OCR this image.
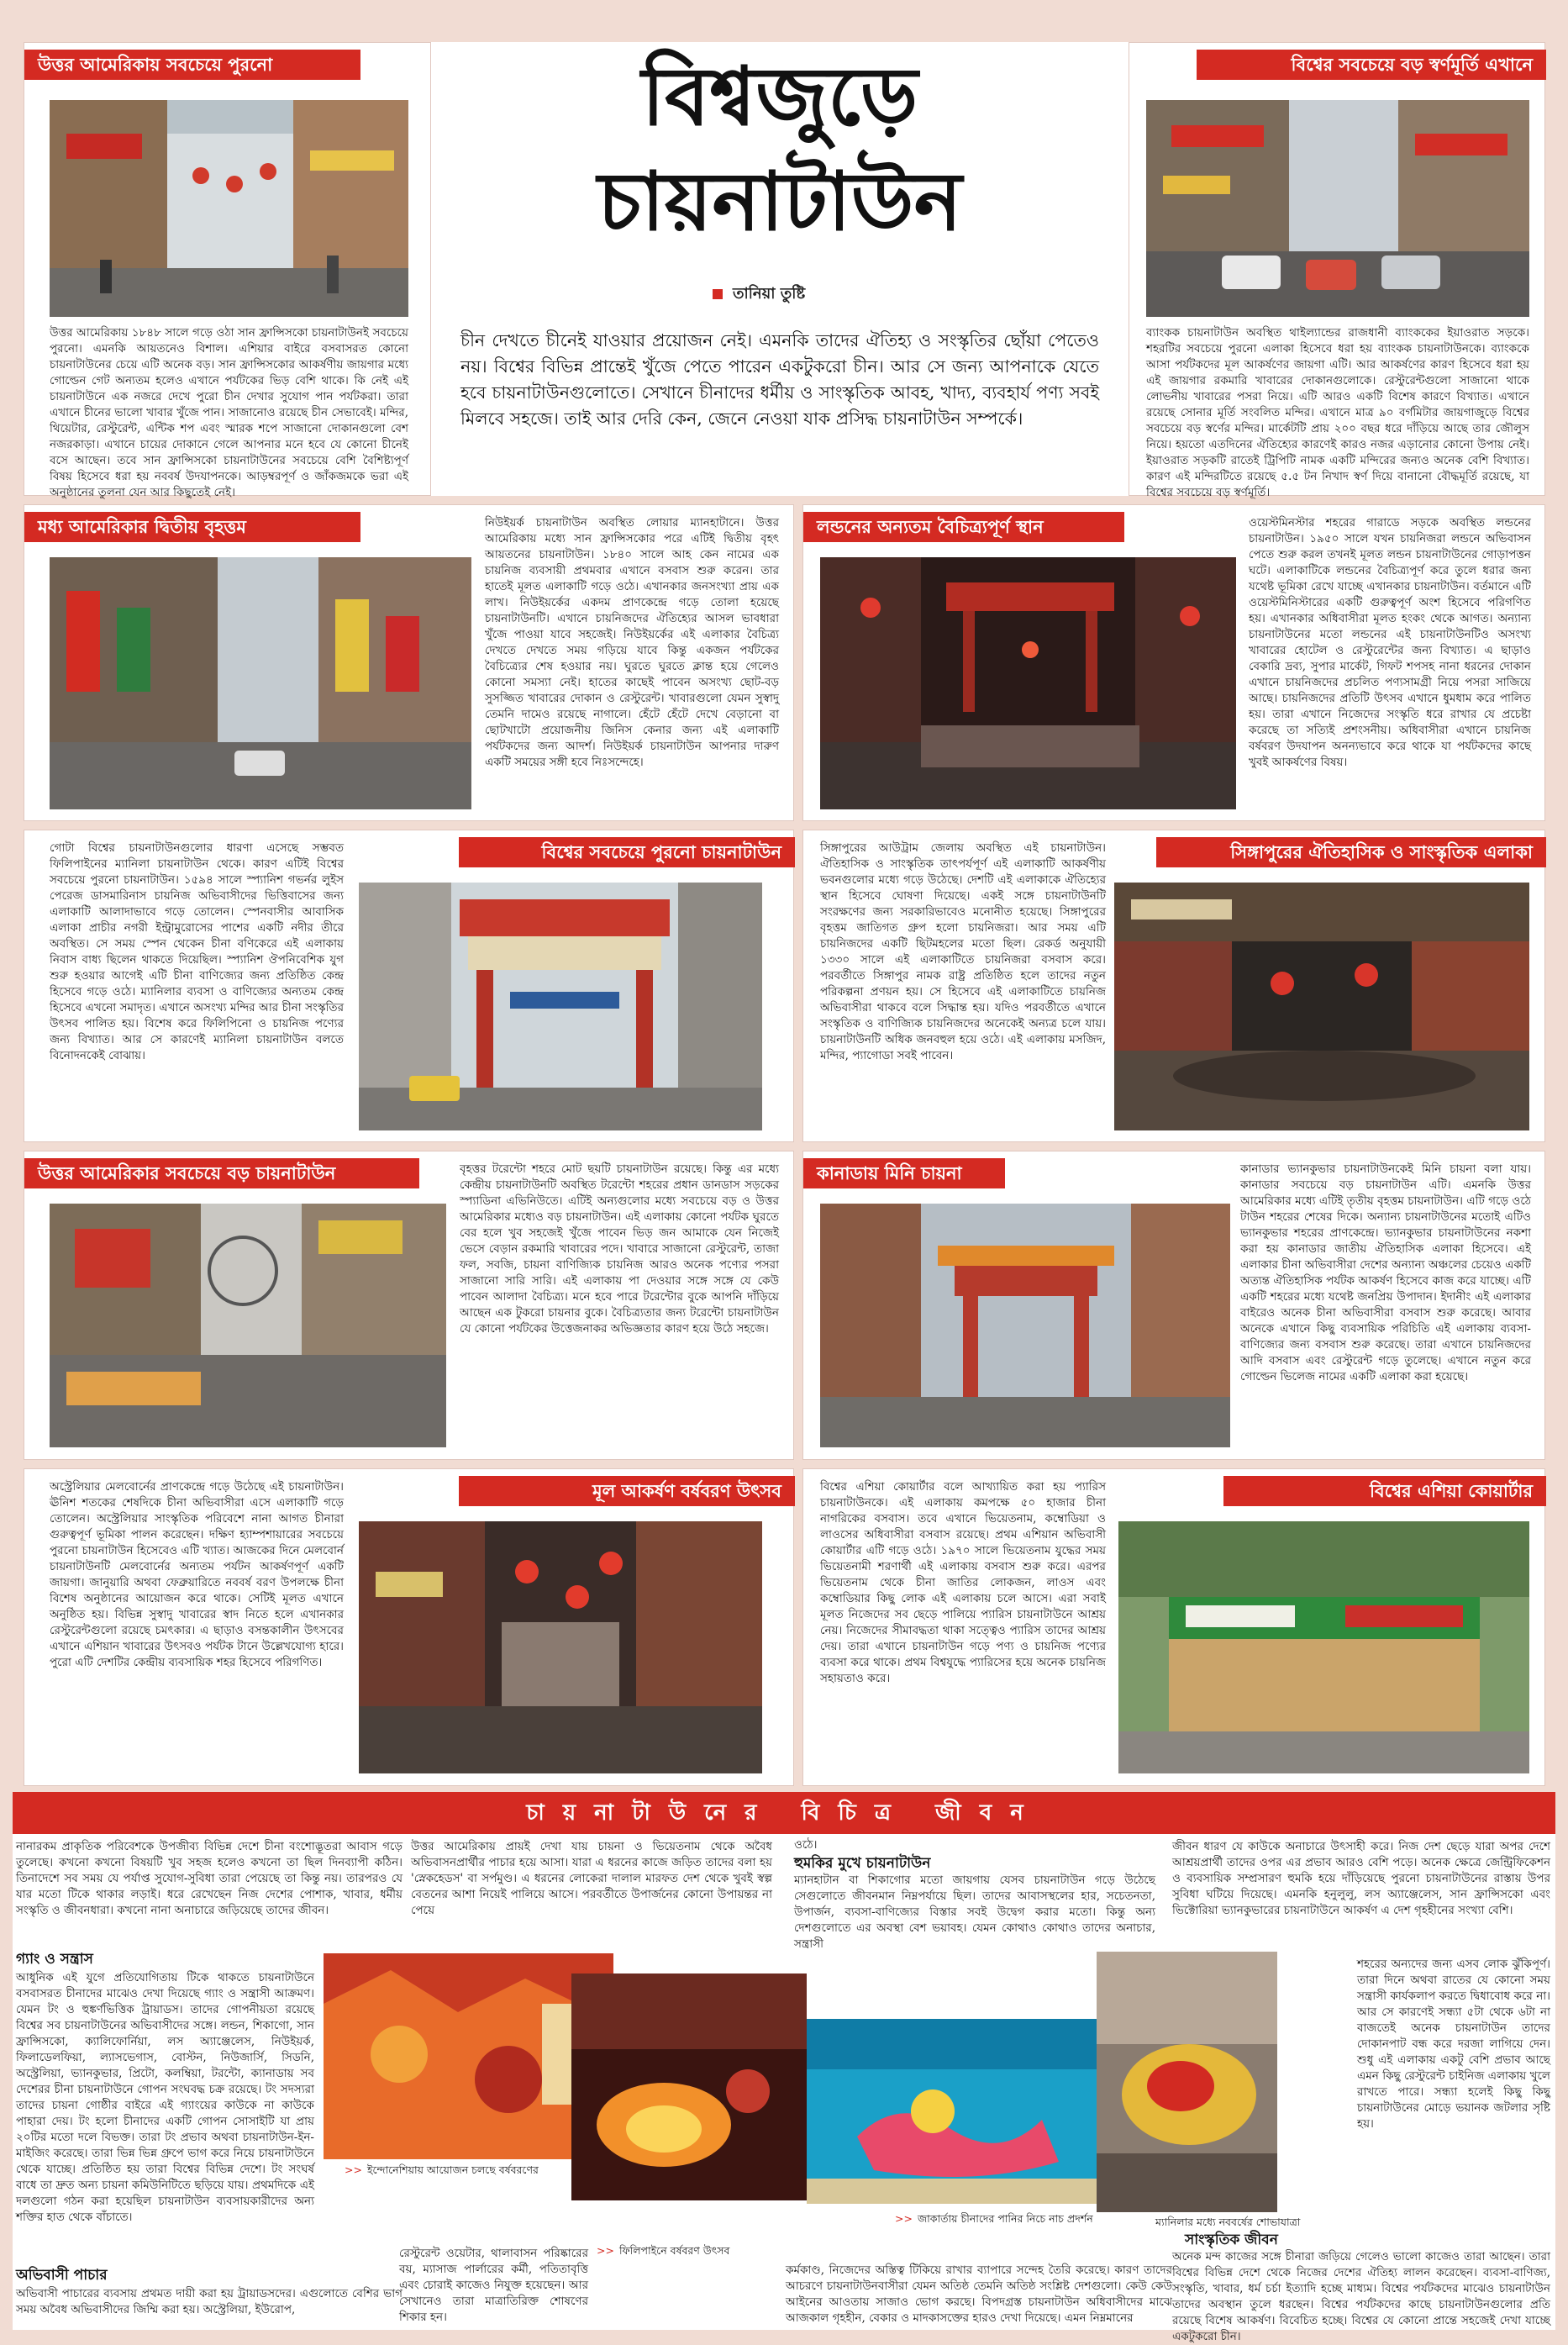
বিশ্বজুড়ে
চায়নাটাউন
তানিয়া তুষ্টি
চীন দেখতে চীনেই যাওয়ার প্রয়োজন নেই। এমনকি তাদের ঐতিহ্য ও সংস্কৃতির ছোঁয়া পেতেও নয়। বিশ্বের বিভিন্ন প্রান্তেই খুঁজে পেতে পারেন একটুকরো চীন। আর সে জন্য আপনাকে যেতে হবে চায়নাটাউনগুলোতে। সেখানে চীনাদের ধর্মীয় ও সাংস্কৃতিক আবহ, খাদ্য, ব্যবহার্য পণ্য সবই মিলবে সহজে। তাই আর দেরি কেন, জেনে নেওয়া যাক প্রসিদ্ধ চায়নাটাউন সম্পর্কে।
উত্তর আমেরিকায় সবচেয়ে পুরনো
উত্তর আমেরিকায় ১৮৪৮ সালে গড়ে ওঠা সান ফ্রান্সিসকো চায়নাটাউনই সবচেয়ে পুরনো। এমনকি আয়তনেও বিশাল। এশিয়ার বাইরে বসবাসরত কোনো চায়নাটাউনের চেয়ে এটি অনেক বড়। সান ফ্রান্সিসকোর আকর্ষণীয় জায়গার মধ্যে গোল্ডেন গেট অন্যতম হলেও এখানে পর্যটকের ভিড় বেশি থাকে। কি নেই এই চায়নাটাউনে এক নজরে দেখে পুরো চীন দেখার সুযোগ পান পর্যটকরা। তারা এখানে চীনের ভালো খাবার খুঁজে পান। সাজানোও রয়েছে চীন সেভাবেই। মন্দির, থিয়েটার, রেস্টুরেন্ট, এন্টিক শপ এবং স্মারক শপে সাজানো দোকানগুলো বেশ নজরকাড়া। এখানে চায়ের দোকানে গেলে আপনার মনে হবে যে কোনো চীনেই বসে আছেন। তবে সান ফ্রান্সিসকো চায়নাটাউনের সবচেয়ে বেশি বৈশিষ্ট্যপূর্ণ বিষয় হিসেবে ধরা হয় নববর্ষ উদযাপনকে। আড়ম্বরপূর্ণ ও জাঁকজমকে ভরা এই অনুষ্ঠানের তুলনা যেন আর কিছুতেই নেই।
বিশ্বের সবচেয়ে বড় স্বর্ণমূর্তি এখানে
ব্যাংকক চায়নাটাউন অবস্থিত থাইল্যান্ডের রাজধানী ব্যাংককের ইয়াওরাত সড়কে। শহরটির সবচেয়ে পুরনো এলাকা হিসেবে ধরা হয় ব্যাংকক চায়নাটাউনকে। ব্যাংককে আসা পর্যটকদের মূল আকর্ষণের জায়গা এটি। আর আকর্ষণের কারণ হিসেবে ধরা হয় এই জায়গার রকমারি খাবারের দোকানগুলোকে। রেস্টুরেন্টগুলো সাজানো থাকে লোভনীয় খাবারের পসরা নিয়ে। এটি আরও একটি বিশেষ কারণে বিখ্যাত। এখানে রয়েছে সোনার মূর্তি সংবলিত মন্দির। এখানে মাত্র ৯০ বর্গমিটার জায়গাজুড়ে বিশ্বের সবচেয়ে বড় স্বর্ণের মন্দির। মার্কেটটি প্রায় ২০০ বছর ধরে দাঁড়িয়ে আছে তার জৌলুস নিয়ে। হয়তো এতদিনের ঐতিহ্যের কারণেই কারও নজর এড়ানোর কোনো উপায় নেই। ইয়াওরাত সড়কটি রাতেই ট্রিপিটি নামক একটি মন্দিরের জন্যও অনেক বেশি বিখ্যাত। কারণ এই মন্দিরটিতে রয়েছে ৫.৫ টন নিখাদ স্বর্ণ দিয়ে বানানো বৌদ্ধমূর্তি রয়েছে, যা বিশ্বের সবচেয়ে বড় স্বর্ণমূর্তি।
মধ্য আমেরিকার দ্বিতীয় বৃহত্তম	নিউইয়র্ক চায়নাটাউন অবস্থিত লোয়ার ম্যানহাটানে। উত্তর আমেরিকায় মধ্যে সান ফ্রান্সিসকোর পরে এটিই দ্বিতীয় বৃহৎ আয়তনের চায়নাটাউন। ১৮৪০ সালে আহ কেন নামের এক চায়নিজ ব্যবসায়ী প্রথমবার এখানে বসবাস শুরু করেন। তার হাতেই মূলত এলাকাটি গড়ে ওঠে। এখানকার জনসংখ্যা প্রায় এক লাখ। নিউইয়র্কের একদম প্রাণকেন্দ্রে গড়ে তোলা হয়েছে চায়নাটাউনটি। এখানে চায়নিজদের ঐতিহ্যের আসল ভাবধারা খুঁজে পাওয়া যাবে সহজেই। নিউইয়র্কের এই এলাকার বৈচিত্র্য দেখতে দেখতে সময় গড়িয়ে যাবে কিন্তু একজন পর্যটকের বৈচিত্র্যের শেষ হওয়ার নয়। ঘুরতে ঘুরতে ক্লান্ত হয়ে গেলেও কোনো সমস্যা নেই। হাতের কাছেই পাবেন অসংখ্য ছোট-বড় সুসজ্জিত খাবারের দোকান ও রেস্টুরেন্ট। খাবারগুলো যেমন সুস্বাদু তেমনি দামেও রয়েছে নাগালে। হেঁটে হেঁটে দেখে বেড়ানো বা ছোটখাটো প্রয়োজনীয় জিনিস কেনার জন্য এই এলাকাটি পর্যটকদের জন্য আদর্শ। নিউইয়র্ক চায়নাটাউন আপনার দারুণ একটি সময়ের সঙ্গী হবে নিঃসন্দেহে।
লন্ডনের অন্যতম বৈচিত্র্যপূর্ণ স্থান	ওয়েস্টমিনস্টার শহরের গারাডে সড়কে অবস্থিত লন্ডনের চায়নাটাউন। ১৯৫০ সালে যখন চায়নিজরা লন্ডনে অভিবাসন পেতে শুরু করল তখনই মূলত লন্ডন চায়নাটাউনের গোড়াপত্তন ঘটে। এলাকাটিকে লন্ডনের বৈচিত্র্যপূর্ণ করে তুলে ধরার জন্য যথেষ্ট ভূমিকা রেখে যাচ্ছে এখানকার চায়নাটাউন। বর্তমানে এটি ওয়েস্টমিনিস্টারের একটি গুরুত্বপূর্ণ অংশ হিসেবে পরিগণিত হয়। এখানকার অধিবাসীরা মূলত হংকং থেকে আগত। অন্যান্য চায়নাটাউনের মতো লন্ডনের এই চায়নাটাউনটিও অসংখ্য খাবারের হোটেল ও রেস্টুরেন্টের জন্য বিখ্যাত। এ ছাড়াও বেকারি দ্রব্য, সুপার মার্কেট, গিফট শপসহ নানা ধরনের দোকান এখানে চায়নিজদের প্রচলিত পণ্যসামগ্রী নিয়ে পসরা সাজিয়ে আছে। চায়নিজদের প্রতিটি উৎসব এখানে ধুমধাম করে পালিত হয়। তারা এখানে নিজেদের সংস্কৃতি ধরে রাখার যে প্রচেষ্টা করেছে তা সত্যিই প্রশংসনীয়। অধিবাসীরা এখানে চায়নিজ বর্ষবরণ উদযাপন অনন্যভাবে করে থাকে যা পর্যটকদের কাছে খুবই আকর্ষণের বিষয়।
বিশ্বের সবচেয়ে পুরনো চায়নাটাউন
গোটা বিশ্বের চায়নাটাউনগুলোর ধারণা এসেছে সম্ভবত ফিলিপাইনের ম্যানিলা চায়নাটাউন থেকে। কারণ এটিই বিশ্বের সবচেয়ে পুরনো চায়নাটাউন। ১৫৯৪ সালে স্প্যানিশ গভর্নর লুইস পেরেজ ডাসমারিনাস চায়নিজ অভিবাসীদের ভিত্তিবাসের জন্য এলাকাটি আলাদাভাবে গড়ে তোলেন। স্পেনবাসীর আবাসিক এলাকা প্রাচীর নগরী ইন্ট্রামুরোসের পাশের একটি নদীর তীরে অবস্থিত। সে সময় স্পেন থেকেন চীনা বণিকেরে এই এলাকায় নিবাস বাধ্য ছিলেন থাকতে দিয়েছিল। স্প্যানিশ ঔপনিবেশিক যুগ শুরু হওয়ার আগেই এটি চীনা বাণিজ্যের জন্য প্রতিষ্ঠিত কেন্দ্র হিসেবে গড়ে ওঠে। ম্যানিলার ব্যবসা ও বাণিজ্যের অন্যতম কেন্দ্র হিসেবে এখনো সমাদৃত। এখানে অসংখ্য মন্দির আর চীনা সংস্কৃতির উৎসব পালিত হয়। বিশেষ করে ফিলিপিনো ও চায়নিজ পণ্যের জন্য বিখ্যাত। আর সে কারণেই ম্যানিলা চায়নাটাউন বলতে বিনোদনকেই বোঝায়।
সিঙ্গাপুরের ঐতিহাসিক ও সাংস্কৃতিক এলাকা
সিঙ্গাপুরের আউট্রাম জেলায় অবস্থিত এই চায়নাটাউন। ঐতিহাসিক ও সাংস্কৃতিক তাৎপর্যপূর্ণ এই এলাকাটি আকর্ষণীয় ভবনগুলোর মধ্যে গড়ে উঠেছে। দেশটি এই এলাকাকে ঐতিহ্যের স্থান হিসেবে ঘোষণা দিয়েছে। একই সঙ্গে চায়নাটাউনটি সংরক্ষণের জন্য সরকারিভাবেও মনোনীত হয়েছে। সিঙ্গাপুরের বৃহত্তম জাতিগত গ্রুপ হলো চায়নিজরা। আর সময় এটি চায়নিজদের একটি ছিটমহলের মতো ছিল। রেকর্ড অনুযায়ী ১৩৩০ সালে এই এলাকাটিতে চায়নিজরা বসবাস করে। পরবর্তীতে সিঙ্গাপুর নামক রাষ্ট্র প্রতিষ্ঠিত হলে তাদের নতুন পরিকল্পনা প্রণয়ন হয়। সে হিসেবে এই এলাকাটিতে চায়নিজ অভিবাসীরা থাকবে বলে সিদ্ধান্ত হয়। যদিও পরবর্তীতে এখানে সংস্কৃতিক ও বাণিজ্যিক চায়নিজদের অনেকেই অন্যত্র চলে যায়। চায়নাটাউনটি অধিক জনবহুল হয়ে ওঠে। এই এলাকায় মসজিদ, মন্দির, প্যাগোডা সবই পাবেন।
উত্তর আমেরিকার সবচেয়ে বড় চায়নাটাউন	বৃহত্তর টরেন্টো শহরে মোট ছয়টি চায়নাটাউন রয়েছে। কিন্তু এর মধ্যে কেন্দ্রীয় চায়নাটাউনটি অবস্থিত টরেন্টো শহরের প্রধান ডানডাস সড়কের স্প্যাডিনা এভিনিউতে। এটিই অন্যগুলোর মধ্যে সবচেয়ে বড় ও উত্তর আমেরিকার মধ্যেও বড় চায়নাটাউন। এই এলাকায় কোনো পর্যটক ঘুরতে বের হলে খুব সহজেই খুঁজে পাবেন ভিড় জন আমাকে যেন নিজেই ভেসে বেড়ান রকমারি খাবারের পদে। খাবারে সাজানো রেস্টুরেন্ট, তাজা ফল, সবজি, চায়না বাণিজ্যিক চায়নিজ আরও অনেক পণ্যের পসরা সাজানো সারি সারি। এই এলাকায় পা দেওয়ার সঙ্গে সঙ্গে যে কেউ পাবেন আলাদা বৈচিত্র্য। মনে হবে পারে টরেন্টোর বুকে আপনি দাঁড়িয়ে আছেন এক টুকরো চায়নার বুকে। বৈচিত্র্যতার জন্য টরেন্টো চায়নাটাউন যে কোনো পর্যটকের উত্তেজনাকর অভিজ্ঞতার কারণ হয়ে উঠে সহজে।
কানাডায় মিনি চায়না	কানাডার ভ্যানকুভার চায়নাটাউনকেই মিনি চায়না বলা যায়। কানাডার সবচেয়ে বড় চায়নাটাউন এটি। এমনকি উত্তর আমেরিকার মধ্যে এটিই তৃতীয় বৃহত্তম চায়নাটাউন। এটি গড়ে ওঠে টাউন শহরের শেষের দিকে। অন্যান্য চায়নাটাউনের মতোই এটিও ভ্যানকুভার শহরের প্রাণকেন্দ্রে। ভ্যানকুভার চায়নাটাউনের নকশা করা হয় কানাডার জাতীয় ঐতিহাসিক এলাকা হিসেবে। এই এলাকার চীনা অভিবাসীরা দেশের অন্যান্য অঞ্চলের চেয়েও একটি অত্যন্ত ঐতিহাসিক পর্যটক আকর্ষণ হিসেবে কাজ করে যাচ্ছে। এটি একটি শহরের মধ্যে যথেষ্ট জনপ্রিয় উপাদান। ইদানীং এই এলাকার বাইরেও অনেক চীনা অভিবাসীরা বসবাস শুরু করেছে। আবার অনেকে এখানে কিছু ব্যবসায়িক পরিচিতি এই এলাকায় ব্যবসা-বাণিজ্যের জন্য বসবাস শুরু করেছে। তারা এখানে চায়নিজদের আদি বসবাস এবং রেস্টুরেন্ট গড়ে তুলেছে। এখানে নতুন করে গোল্ডেন ভিলেজ নামের একটি এলাকা করা হয়েছে।
মূল আকর্ষণ বর্ষবরণ উৎসব
অস্ট্রেলিয়ার মেলবোর্নের প্রাণকেন্দ্রে গড়ে উঠেছে এই চায়নাটাউন। ঊনিশ শতকের শেষদিকে চীনা অভিবাসীরা এসে এলাকাটি গড়ে তোলেন। অস্ট্রেলিয়ার সাংস্কৃতিক পরিবেশে নানা আগত চীনারা গুরুত্বপূর্ণ ভূমিকা পালন করেছেন। দক্ষিণ হ্যাম্পশায়ারের সবচেয়ে পুরনো চায়নাটাউন হিসেবেও এটি খ্যাত। আজকের দিনে মেলবোর্ন চায়নাটাউনটি মেলবোর্নের অন্যতম পর্যটন আকর্ষণপূর্ণ একটি জায়গা। জানুয়ারি অথবা ফেব্রুয়ারিতে নববর্ষ বরণ উপলক্ষে চীনা বিশেষ অনুষ্ঠানের আয়োজন করে থাকে। সেটিই মূলত এখানে অনুষ্ঠিত হয়। বিভিন্ন সুস্বাদু খাবারের স্বাদ নিতে হলে এখানকার রেস্টুরেন্টগুলো রয়েছে চমৎকার। এ ছাড়াও বসন্তকালীন উৎসবের এখানে এশিয়ান খাবারের উৎসবও পর্যটক টানে উল্লেখযোগ্য হারে। পুরো এটি দেশটির কেন্দ্রীয় ব্যবসায়িক শহর হিসেবে পরিগণিত।
বিশ্বের এশিয়া কোয়ার্টার
বিশ্বের এশিয়া কোয়ার্টার বলে আখ্যায়িত করা হয় প্যারিস চায়নাটাউনকে। এই এলাকায় কমপক্ষে ৫০ হাজার চীনা নাগরিকের বসবাস। তবে এখানে ভিয়েতনাম, কম্বোডিয়া ও লাওসের অধিবাসীরা বসবাস রয়েছে। প্রথম এশিয়ান অভিবাসী কোয়ার্টার এটি গড়ে ওঠে। ১৯৭০ সালে ভিয়েতনাম যুদ্ধের সময় ভিয়েতনামী শরণার্থী এই এলাকায় বসবাস শুরু করে। এরপর ভিয়েতনাম থেকে চীনা জাতির লোকজন, লাওস এবং কম্বোডিয়ার কিছু লোক এই এলাকায় চলে আসে। এরা সবাই মূলত নিজেদের সব ছেড়ে পালিয়ে প্যারিস চায়নাটাউনে আশ্রয় নেয়। নিজেদের সীমাবদ্ধতা থাকা সত্ত্বেও প্যারিস তাদের আশ্রয় দেয়। তারা এখানে চায়নাটাউন গড়ে পণ্য ও চায়নিজ পণ্যের ব্যবসা করে থাকে। প্রথম বিশ্বযুদ্ধে প্যারিসের হয়ে অনেক চায়নিজ সহায়তাও করে।
চায়নাটাউনের বিচিত্র জীবন
নানারকম প্রাকৃতিক পরিবেশকে উপজীব্য বিভিন্ন দেশে চীনা বংশোদ্ভূতরা আবাস গড়ে তুলেছে। কখনো কখনো বিষয়টি খুব সহজ হলেও কখনো তা ছিল দিনব্যাপী কঠিন। তিনাদেশে সব সময় যে পর্যাপ্ত সুযোগ-সুবিধা তারা পেয়েছে তা কিন্তু নয়। তারপরও যে যার মতো টিকে থাকার লড়াই। ধরে রেখেছেন নিজ দেশের পোশাক, খাবার, ধর্মীয় সংস্কৃতি ও জীবনধারা। কখনো নানা অনাচারে জড়িয়েছে তাদের জীবন।
গ্যাং ও সন্ত্রাস
আধুনিক এই যুগে প্রতিযোগিতায় টিকে থাকতে চায়নাটাউনে বসবাসরত চীনাদের মাঝেও দেখা দিয়েছে গ্যাং ও সন্ত্রাসী আক্রমণ। যেমন টং ও হুঙ্কর্ণভিত্তিক ট্রায়াডস। তাদের গোপনীয়তা রয়েছে বিশ্বের সব চায়নাটাউনের অভিবাসীদের সঙ্গে। লন্ডন, শিকাগো, সান ফ্রান্সিসকো, ক্যালিফোর্নিয়া, লস অ্যাঞ্জেলেস, নিউইয়র্ক, ফিলাডেলফিয়া, ল্যাসভেগাস, বোস্টন, নিউজার্সি, সিডনি, অস্ট্রেলিয়া, ভ্যানকুভার, প্রিটো, কলম্বিয়া, টরন্টো, ক্যানাডায় সব দেশেরর চীনা চায়নাটাউনে গোপন সংঘবদ্ধ চক্র রয়েছে। টং সদস্যরা তাদের চায়না গোষ্ঠীর বাইরে এই গ্যাংয়ের কাউকে না কাউকে পাহারা দেয়। টং হলো চীনাদের একটি গোপন সোসাইটি যা প্রায় ২০টির মতো দলে বিভক্ত। তারা টং প্রভাব অথবা চায়নাটাউন-ইন-মাইজিং করেছে। তারা ভিন্ন ভিন্ন গ্রুপে ভাগ করে নিয়ে চায়নাটাউনে থেকে যাচ্ছে। প্রতিষ্ঠিত হয় তারা বিশ্বের বিভিন্ন দেশে। টং সংঘর্ষ বাধে তা দ্রুত অন্য চায়না কমিউনিটিতে ছড়িয়ে যায়। প্রথমদিকে এই দলগুলো গঠন করা হয়েছিল চায়নাটাউন ব্যবসায়কারীদের অন্য শক্তির হাত থেকে বাঁচাতে।
অভিবাসী পাচার
অভিবাসী পাচারের ব্যবসায় প্রথমত দায়ী করা হয় ট্রায়াডসদের। এগুলোতে বেশির ভাগ সময় অবৈধ অভিবাসীদের জিম্মি করা হয়। অস্ট্রেলিয়া, ইউরোপ,
উত্তর আমেরিকায় প্রায়ই দেখা যায় চায়না ও ভিয়েতনাম থেকে অবৈধ অভিবাসনপ্রার্থীর পাচার হয়ে আসা। যারা এ ধরনের কাজে জড়িত তাদের বলা হয় 'স্নেকহেডস' বা সর্পমুণ্ড। এ ধরনের লোকেরা দালাল মারফত দেশ থেকে খুবই স্বল্প বেতনের আশা নিয়েই পালিয়ে আসে। পরবর্তীতে উপার্জনের কোনো উপায়ন্তর না পেয়ে
রেস্টুরেন্ট ওয়েটার, থালাবাসন পরিষ্কারের বয়, ম্যাসাজ পার্লারের কর্মী, পতিতাবৃত্তি এবং চোরাই কাজেও নিযুক্ত হয়েছেন। আর সেখানেও তারা মাত্রাতিরিক্ত শোষণের শিকার হন।
ওঠে।
হুমকির মুখে চায়নাটাউন
ম্যানহাটান বা শিকাগোর মতো জায়গায় যেসব চায়নাটাউন গড়ে উঠেছে সেগুলোতে জীবনমান নিম্নপর্যায়ে ছিল। তাদের আবাসস্থলের হার, সচেতনতা, উপার্জন, ব্যবসা-বাণিজ্যের বিস্তার সবই উদ্বেগ করার মতো। কিন্তু অন্য দেশগুলোতে এর অবস্থা বেশ ভয়াবহ। যেমন কোথাও কোথাও তাদের অনাচার, সন্ত্রাসী
কর্মকাণ্ড, নিজেদের অস্তিত্ব টিকিয়ে রাখার ব্যাপারে সন্দেহ তৈরি করেছে। কারণ তাদের আচরণে চায়নাটাউনবাসীরা যেমন অতিষ্ঠ তেমনি অতিষ্ঠ সংশ্লিষ্ট দেশগুলো। কেউ কেউ আইনের আওতায় সাজাও ভোগ করছে। বিপদগ্রস্ত চায়নাটাউন অধিবাসীদের মাঝে আজকাল গৃহহীন, বেকার ও মাদকাসক্তের হারও দেখা দিয়েছে। এমন নিম্নমানের
জীবন ধারণ যে কাউকে অনাচারে উৎসাহী করে। নিজ দেশ ছেড়ে যারা অপর দেশে আশ্রয়প্রার্থী তাদের ওপর এর প্রভাব আরও বেশি পড়ে। অনেক ক্ষেত্রে জেন্ট্রিফিকেশন ও ব্যবসায়িক সম্প্রসারণ হুমকি হয়ে দাঁড়িয়েছে পুরনো চায়নাটাউনের রাস্তায় উপর সুবিধা ঘটিয়ে দিয়েছে। এমনকি হনুলুলু, লস অ্যাঞ্জেলেস, সান ফ্রান্সিসকো এবং ভিক্টোরিয়া ভ্যানকুভারের চায়নাটাউনে আকর্ষণ এ দেশ গৃহহীনের সংখ্যা বেশি।
শহরের অন্যদের জন্য এসব লোক ঝুঁকিপূর্ণ। তারা দিনে অথবা রাতের যে কোনো সময় সন্ত্রাসী কার্যকলাপ করতে দ্বিধাবোধ করে না। আর সে কারণেই সন্ধ্যা ৫টা থেকে ৬টা না বাজতেই অনেক চায়নাটাউন তাদের দোকানপাট বন্ধ করে দরজা লাগিয়ে দেন। শুধু এই এলাকায় একটু বেশি প্রভাব আছে এমন কিছু রেস্টুরেন্ট চাইনিজ এলাকায় খুলে রাখতে পারে। সন্ধ্যা হলেই কিছু কিছু চায়নাটাউনের মোড়ে ভয়ানক জটলার সৃষ্টি হয়।
সাংস্কৃতিক জীবন
অনেক মন্দ কাজের সঙ্গে চীনারা জড়িয়ে গেলেও ভালো কাজেও তারা আছেন। তারা বিশ্বের বিভিন্ন দেশে থেকে নিজের দেশের ঐতিহ্য লালন করেছেন। ব্যবসা-বাণিজ্য, সংস্কৃতি, খাবার, ধর্ম চর্চা ইত্যাদি হচ্ছে মাধ্যম। বিশ্বের পর্যটকদের মাঝেও চায়নাটাউন তাদের অবস্থান তুলে ধরছেন। বিশ্বের পর্যটকদের কাছে চায়নাটাউনগুলোর প্রতি রয়েছে বিশেষ আকর্ষণ। বিবেচিত হচ্ছে। বিশ্বের যে কোনো প্রান্তে সহজেই দেখা যাচ্ছে একটুকরো চীন।
>> ইন্দোনেশিয়ায় আয়োজন চলছে বর্ষবরণের
>> ফিলিপাইনে বর্ষবরণ উৎসব
>> জাকার্তায় চীনাদের পানির নিচে নাচ প্রদর্শন	ম্যানিলার মধ্যে নববর্ষের শোভাযাত্রা
